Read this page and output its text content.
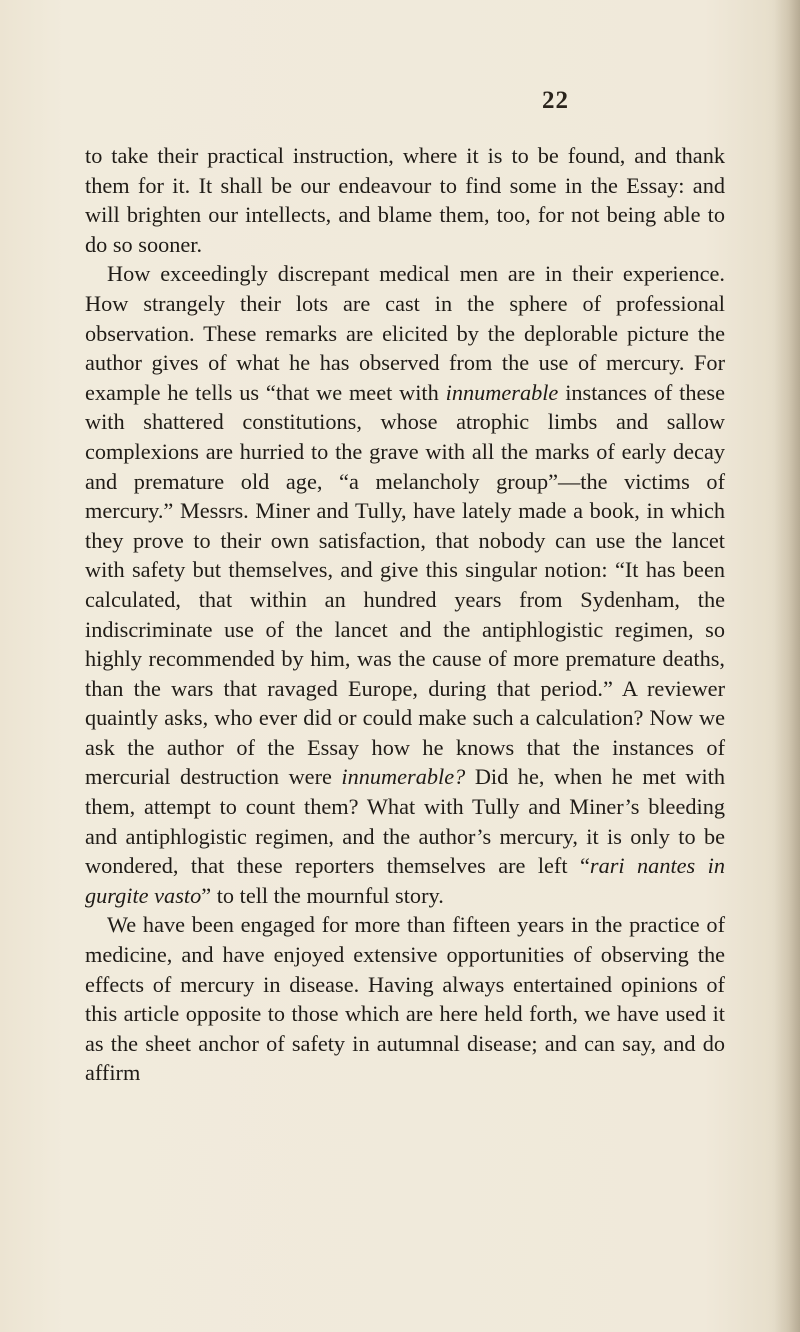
22

to take their practical instruction, where it is to be found, and thank them for it. It shall be our endeavour to find some in the Essay: and will brighten our intellects, and blame them, too, for not being able to do so sooner.

How exceedingly discrepant medical men are in their experience. How strangely their lots are cast in the sphere of professional observation. These remarks are elicited by the deplorable picture the author gives of what he has observed from the use of mercury. For example he tells us “that we meet with innumerable instances of these with shattered constitutions, whose atrophic limbs and sallow complexions are hurried to the grave with all the marks of early decay and premature old age, “a melancholy group”—the victims of mercury.” Messrs. Miner and Tully, have lately made a book, in which they prove to their own satisfaction, that nobody can use the lancet with safety but themselves, and give this singular notion: “It has been calculated, that within an hundred years from Sydenham, the indiscriminate use of the lancet and the antiphlogistic regimen, so highly recommended by him, was the cause of more premature deaths, than the wars that ravaged Europe, during that period.” A reviewer quaintly asks, who ever did or could make such a calculation? Now we ask the author of the Essay how he knows that the instances of mercurial destruction were innumerable? Did he, when he met with them, attempt to count them? What with Tully and Miner’s bleeding and antiphlogistic regimen, and the author’s mercury, it is only to be wondered, that these reporters themselves are left “rari nantes in gurgite vasto” to tell the mournful story.

We have been engaged for more than fifteen years in the practice of medicine, and have enjoyed extensive opportunities of observing the effects of mercury in disease. Having always entertained opinions of this article opposite to those which are here held forth, we have used it as the sheet anchor of safety in autumnal disease; and can say, and do affirm
